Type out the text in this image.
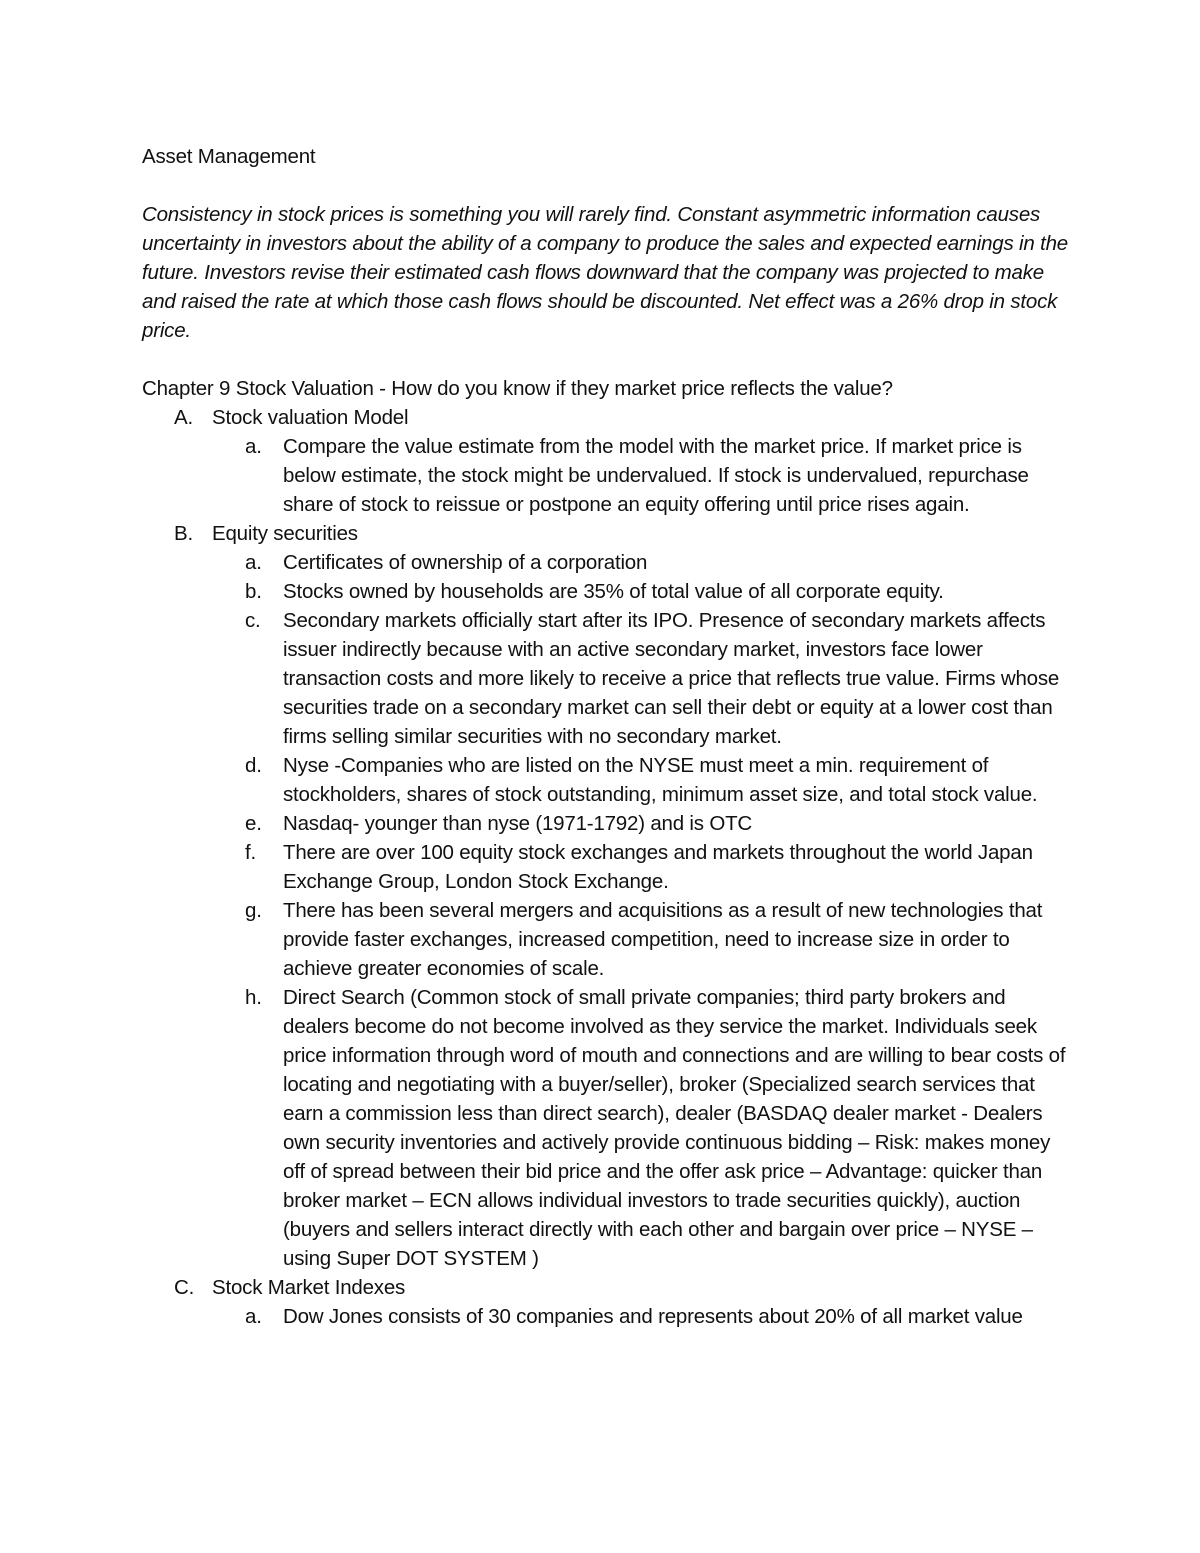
Asset Management

Consistency in stock prices is something you will rarely find. Constant asymmetric information causes uncertainty in investors about the ability of a company to produce the sales and expected earnings in the future. Investors revise their estimated cash flows downward that the company was projected to make and raised the rate at which those cash flows should be discounted. Net effect was a 26% drop in stock price.

Chapter 9 Stock Valuation - How do you know if they market price reflects the value?

A. Stock valuation Model
a.	Compare the value estimate from the model with the market price. If market price is below estimate, the stock might be undervalued. If stock is undervalued, repurchase share of stock to reissue or postpone an equity offering until price rises again.
B. Equity securities
a.	Certificates of ownership of a corporation
b.	Stocks owned by households are 35% of total value of all corporate equity.
c.	Secondary markets officially start after its IPO. Presence of secondary markets affects issuer indirectly because with an active secondary market, investors face lower transaction costs and more likely to receive a price that reflects true value. Firms whose securities trade on a secondary market can sell their debt or equity at a lower cost than firms selling similar securities with no secondary market.
d.	Nyse -Companies who are listed on the NYSE must meet a min. requirement of stockholders, shares of stock outstanding, minimum asset size, and total stock value.
e.	Nasdaq- younger than nyse (1971-1792) and is OTC
f.	There are over 100 equity stock exchanges and markets throughout the world Japan Exchange Group, London Stock Exchange.
g.	There has been several mergers and acquisitions as a result of new technologies that provide faster exchanges, increased competition, need to increase size in order to achieve greater economies of scale.
h.	Direct Search (Common stock of small private companies; third party brokers and dealers become do not become involved as they service the market. Individuals seek price information through word of mouth and connections and are willing to bear costs of locating and negotiating with a buyer/seller), broker (Specialized search services that earn a commission less than direct search), dealer (BASDAQ dealer market - Dealers own security inventories and actively provide continuous bidding – Risk: makes money off of spread between their bid price and the offer ask price – Advantage: quicker than broker market – ECN allows individual investors to trade securities quickly), auction (buyers and sellers interact directly with each other and bargain over price – NYSE – using Super DOT SYSTEM )
C. Stock Market Indexes
a.	Dow Jones consists of 30 companies and represents about 20% of all market value
